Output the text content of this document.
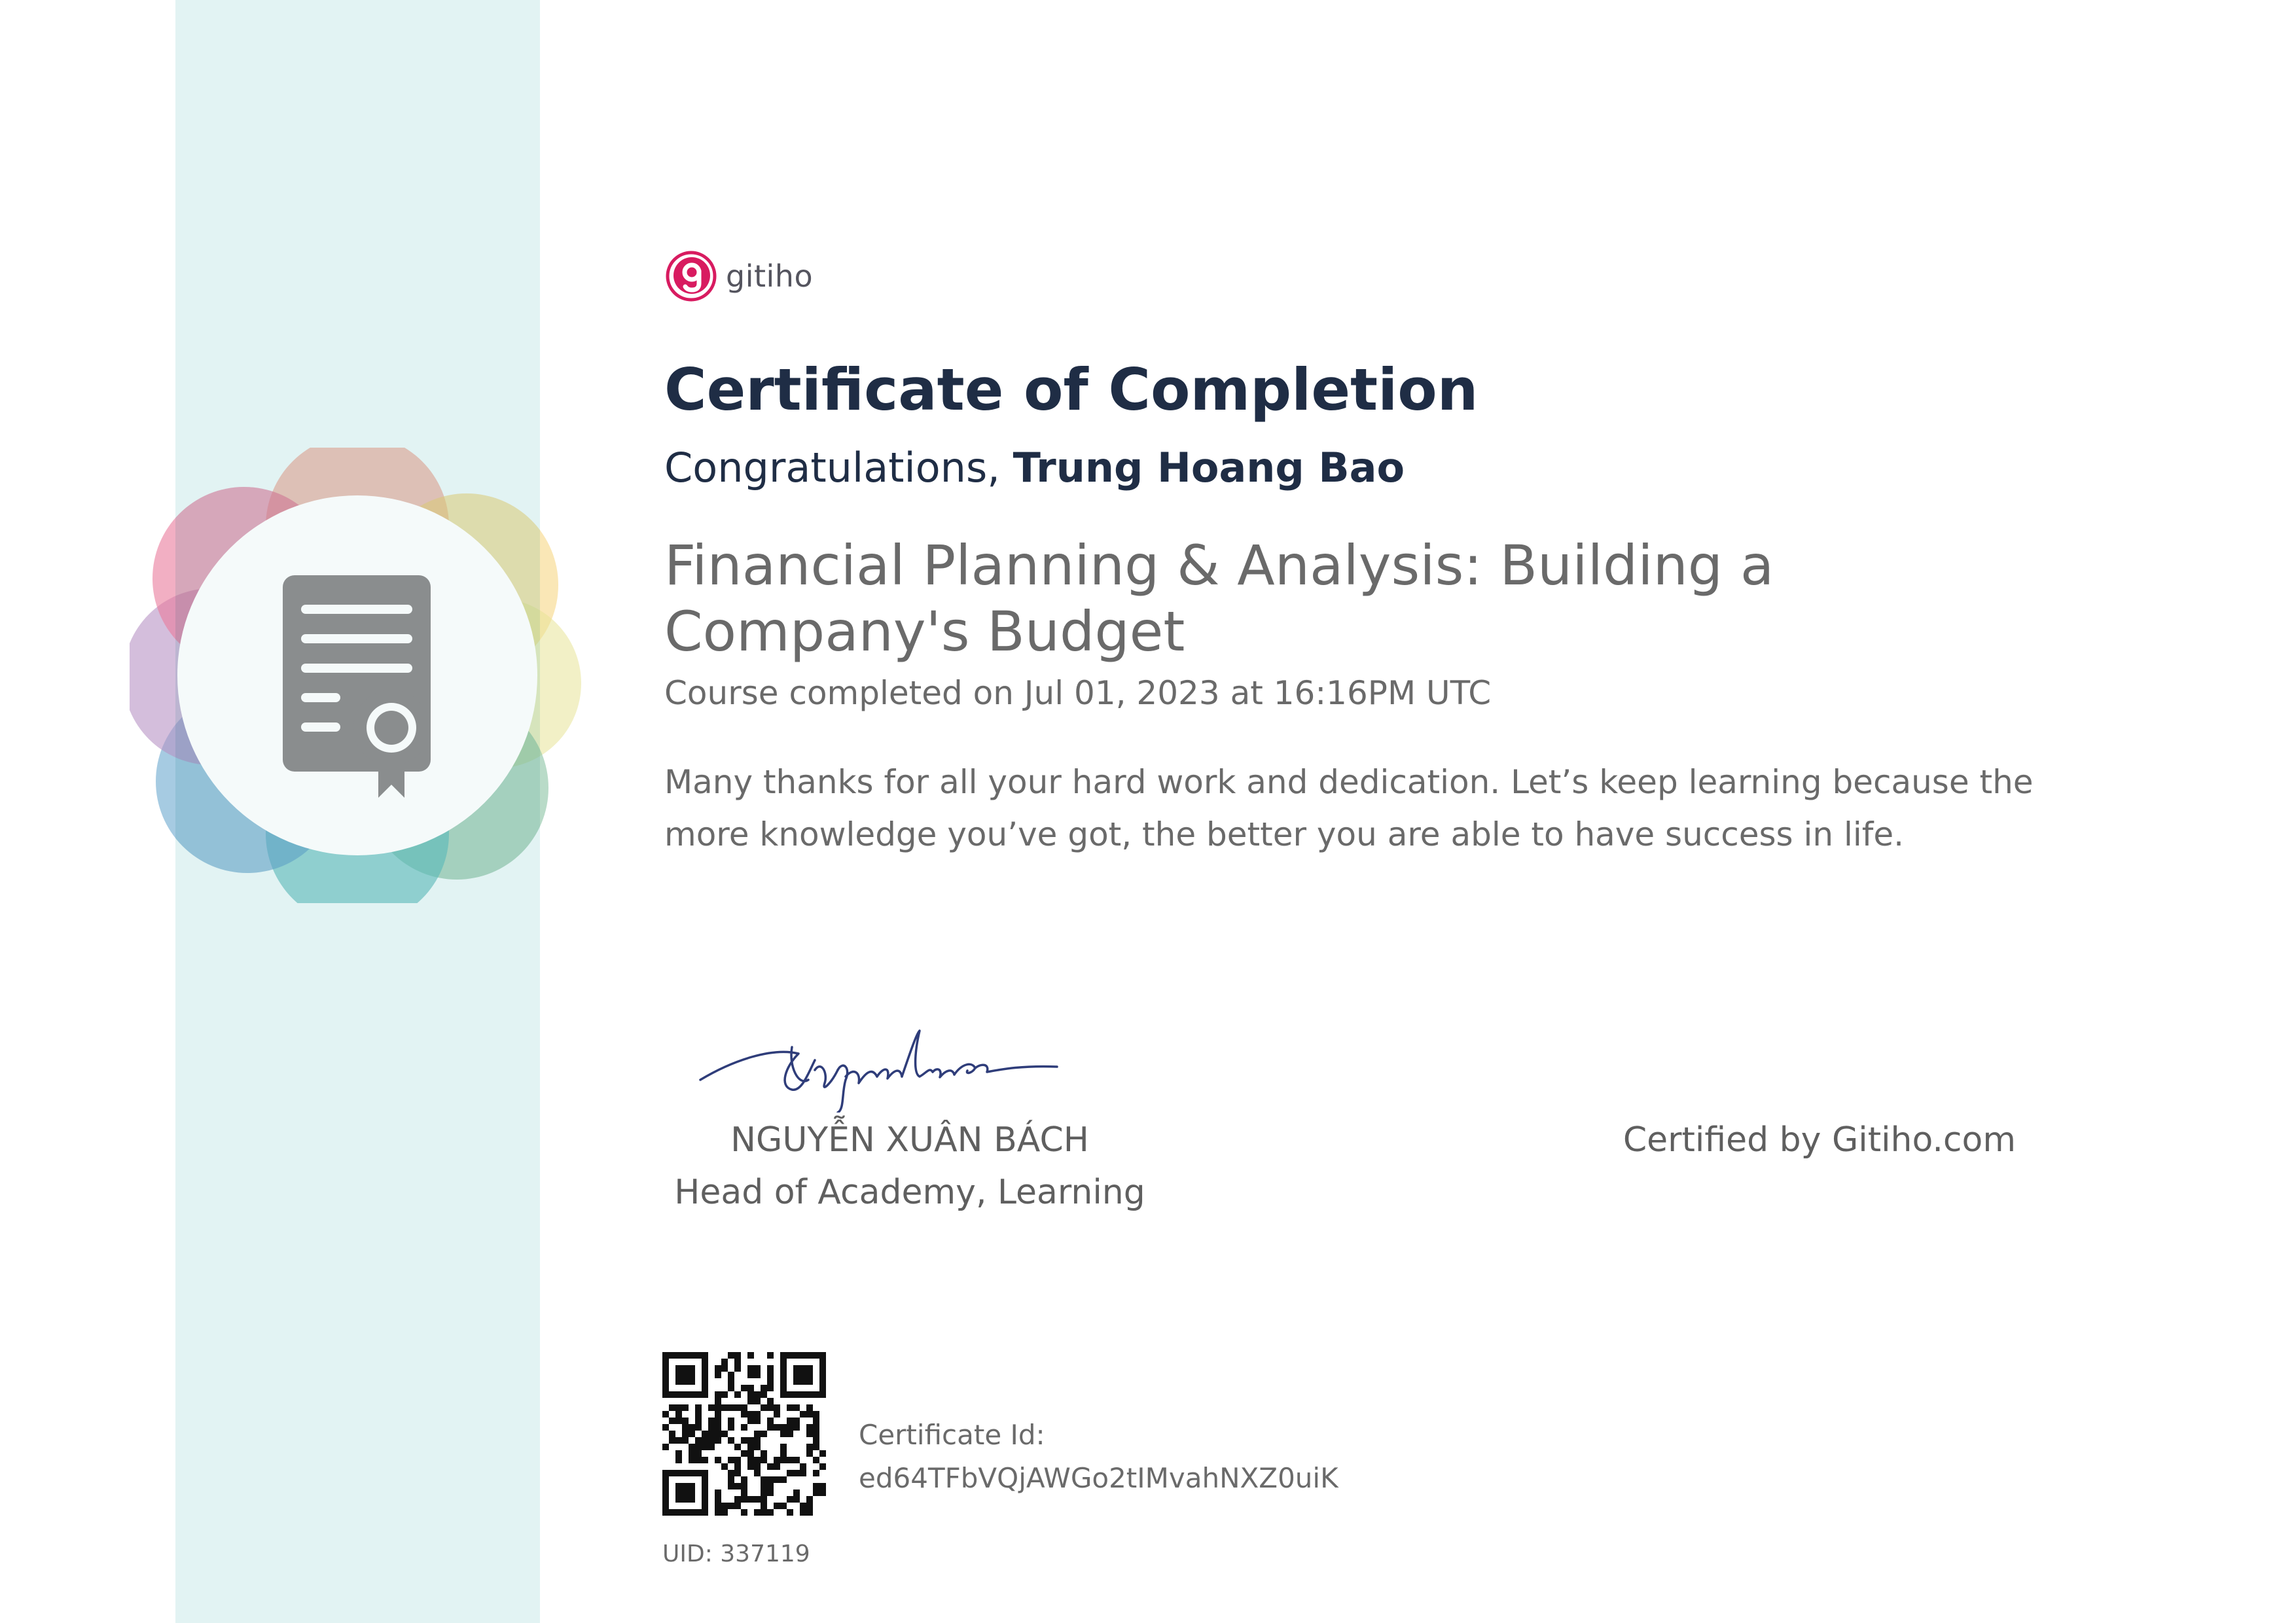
gitiho
Certificate of Completion
Congratulations, Trung Hoang Bao
Financial Planning & Analysis: Building a Company's Budget
Course completed on Jul 01, 2023 at 16:16PM UTC
Many thanks for all your hard work and dedication. Let’s keep learning because the more knowledge you’ve got, the better you are able to have success in life.
NGUYỄN XUÂN BÁCH
Head of Academy, Learning
Certified by Gitiho.com
Certificate Id:
ed64TFbVQjAWGo2tIMvahNXZ0uiK
UID: 337119
